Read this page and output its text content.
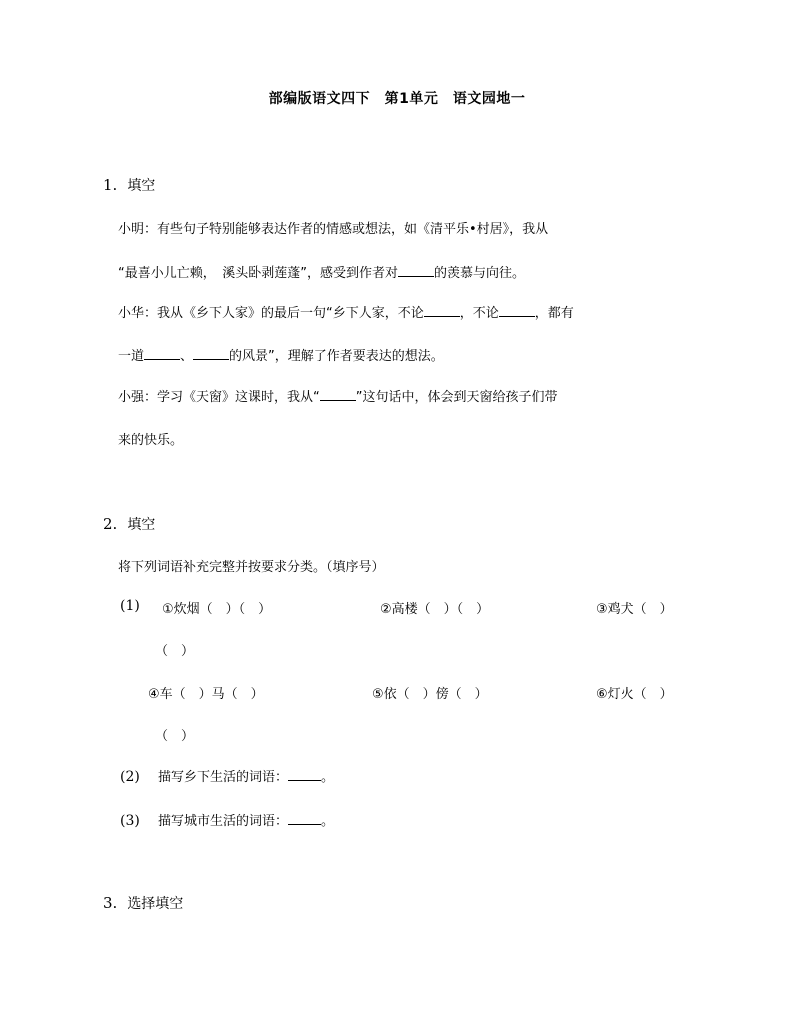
部编版语文四下　第1单元　语文园地一
1. 填空
小明：有些句子特别能够表达作者的情感或想法，如《清平乐•村居》，我从
“最喜小儿亡赖，　溪头卧剥莲蓬”，感受到作者对	的羡慕与向往。
小华：我从《乡下人家》的最后一句“乡下人家，不论	，不论	，都有
一道	、	的风景”，理解了作者要表达的想法。
小强：学习《天窗》这课时，我从“	”这句话中，体会到天窗给孩子们带
来的快乐。
2. 填空
将下列词语补充完整并按要求分类。（填序号）
(1) ①炊烟（　）（　）	②高楼（　）（　）	③鸡犬（　）
（　）
④车（　）马（　）	⑤依（　）傍（　）	⑥灯火（　）
（　）
(2) 描写乡下生活的词语：	。
(3) 描写城市生活的词语：	。
3. 选择填空
